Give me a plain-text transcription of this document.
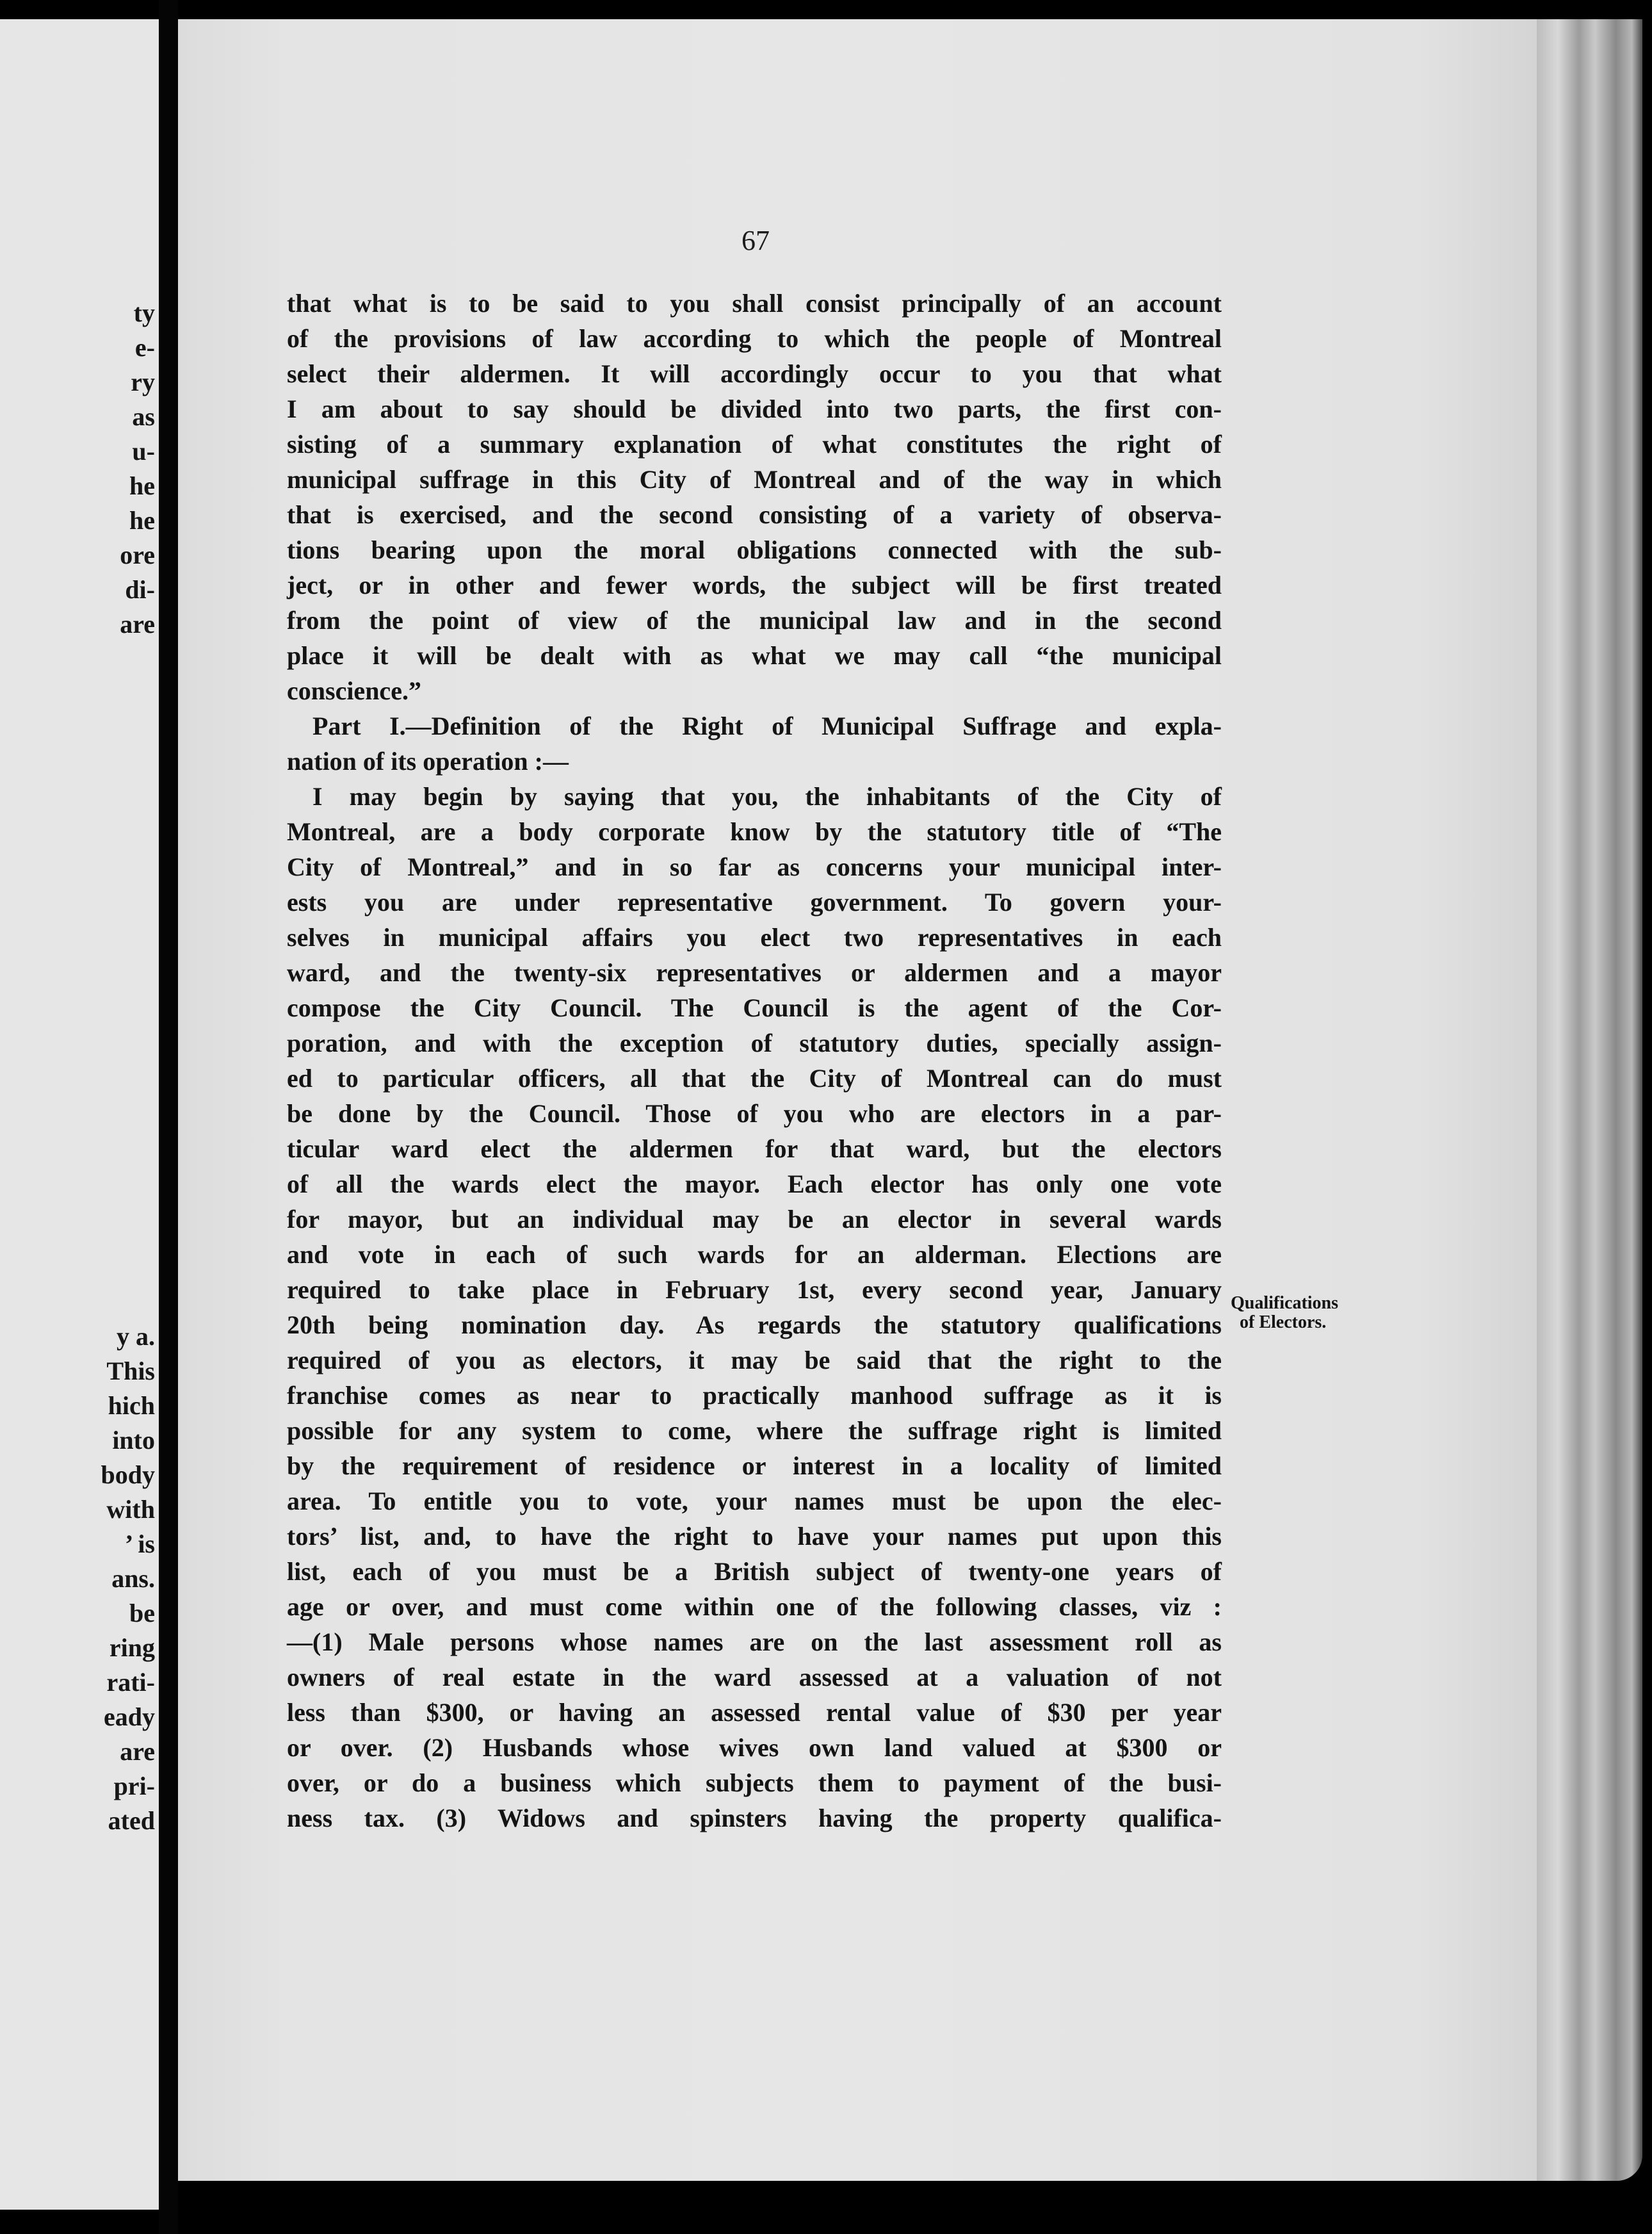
ty
e-
ry
as
u-
he
he
ore
di-
are
y a.
This
hich
into
body
with
’ is
ans.
be
ring
rati-
eady
are
pri-
ated
67
that what is to be said to you shall consist principally of an account
of the provisions of law according to which the people of Montreal
select their aldermen. It will accordingly occur to you that what
I am about to say should be divided into two parts, the first con-
sisting of a summary explanation of what constitutes the right of
municipal suffrage in this City of Montreal and of the way in which
that is exercised, and the second consisting of a variety of observa-
tions bearing upon the moral obligations connected with the sub-
ject, or in other and fewer words, the subject will be first treated
from the point of view of the municipal law and in the second
place it will be dealt with as what we may call “the municipal
conscience.”
Part I.—Definition of the Right of Municipal Suffrage and expla-
nation of its operation :—
I may begin by saying that you, the inhabitants of the City of
Montreal, are a body corporate know by the statutory title of “The
City of Montreal,” and in so far as concerns your municipal inter-
ests you are under representative government. To govern your-
selves in municipal affairs you elect two representatives in each
ward, and the twenty-six representatives or aldermen and a mayor
compose the City Council. The Council is the agent of the Cor-
poration, and with the exception of statutory duties, specially assign-
ed to particular officers, all that the City of Montreal can do must
be done by the Council. Those of you who are electors in a par-
ticular ward elect the aldermen for that ward, but the electors
of all the wards elect the mayor. Each elector has only one vote
for mayor, but an individual may be an elector in several wards
and vote in each of such wards for an alderman. Elections are
required to take place in February 1st, every second year, January
20th being nomination day. As regards the statutory qualifications
required of you as electors, it may be said that the right to the
franchise comes as near to practically manhood suffrage as it is
possible for any system to come, where the suffrage right is limited
by the requirement of residence or interest in a locality of limited
area. To entitle you to vote, your names must be upon the elec-
tors’ list, and, to have the right to have your names put upon this
list, each of you must be a British subject of twenty-one years of
age or over, and must come within one of the following classes, viz :
—(1) Male persons whose names are on the last assessment roll as
owners of real estate in the ward assessed at a valuation of not
less than $300, or having an assessed rental value of $30 per year
or over. (2) Husbands whose wives own land valued at $300 or
over, or do a business which subjects them to payment of the busi-
ness tax. (3) Widows and spinsters having the property qualifica-
Qualifications
of Electors.
